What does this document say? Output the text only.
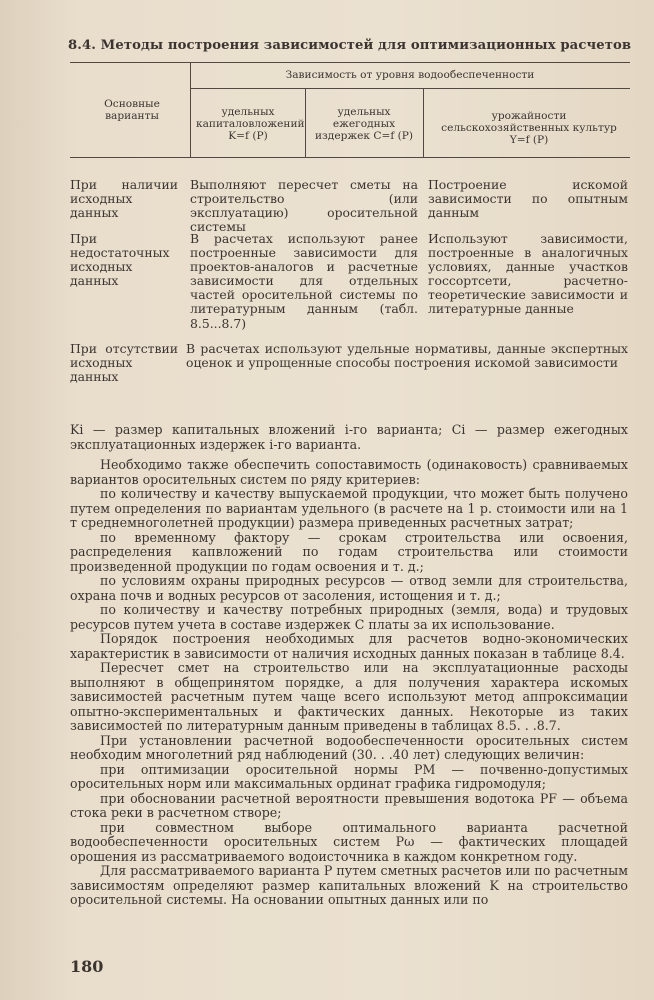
8.4. Методы построения зависимостей для оптимизационных расчетов
Основные варианты
Зависимость от уровня водообеспеченности
удельных капиталовложений K=f (P)
удельных ежегодных издержек C=f (P)
урожайности сельскохозяйственных культур Y=f (P)
При наличии исходных данных
Выполняют пересчет сметы на строительство (или эксплуатацию) оросительной системы
Построение искомой зависимости по опытным данным
При недостаточных исходных данных
В расчетах используют ранее построенные зависимости для проектов-аналогов и расчетные зависимости для отдельных частей оросительной системы по литературным данным (табл. 8.5...8.7)
Используют зависимости, построенные в аналогичных условиях, данные участков госсортсети, расчетно-теоретические зависимости и литературные данные
При отсутствии исходных данных
В расчетах используют удельные нормативы, данные экспертных оценок и упрощенные способы построения искомой зависимости

Ki — размер капитальных вложений i-го варианта; Ci — размер ежегодных эксплуатационных издержек i-го варианта.

Необходимо также обеспечить сопоставимость (одинаковость) сравниваемых вариантов оросительных систем по ряду критериев:

по количеству и качеству выпускаемой продукции, что может быть получено путем определения по вариантам удельного (в расчете на 1 р. стоимости или на 1 т среднемноголетней продукции) размера приведенных расчетных затрат;

по временному фактору — срокам строительства или освоения, распределения капвложений по годам строительства или стоимости произведенной продукции по годам освоения и т. д.;

по условиям охраны природных ресурсов — отвод земли для строительства, охрана почв и водных ресурсов от засоления, истощения и т. д.;

по количеству и качеству потребных природных (земля, вода) и трудовых ресурсов путем учета в составе издержек C платы за их использование.

Порядок построения необходимых для расчетов водно-экономических характеристик в зависимости от наличия исходных данных показан в таблице 8.4.

Пересчет смет на строительство или на эксплуатационные расходы выполняют в общепринятом порядке, а для получения характера искомых зависимостей расчетным путем чаще всего используют метод аппроксимации опытно-экспериментальных и фактических данных. Некоторые из таких зависимостей по литературным данным приведены в таблицах 8.5. . .8.7.

При установлении расчетной водообеспеченности оросительных систем необходим многолетний ряд наблюдений (30. . .40 лет) следующих величин:

при оптимизации оросительной нормы PM — почвенно-допустимых оросительных норм или максимальных ординат графика гидромодуля;

при обосновании расчетной вероятности превышения водотока PF — объема стока реки в расчетном створе;

при совместном выборе оптимального варианта расчетной водообеспеченности оросительных систем Pω — фактических площадей орошения из рассматриваемого водоисточника в каждом конкретном году.

Для рассматриваемого варианта P путем сметных расчетов или по расчетным зависимостям определяют размер капитальных вложений K на строительство оросительной системы. На основании опытных данных или по

180
